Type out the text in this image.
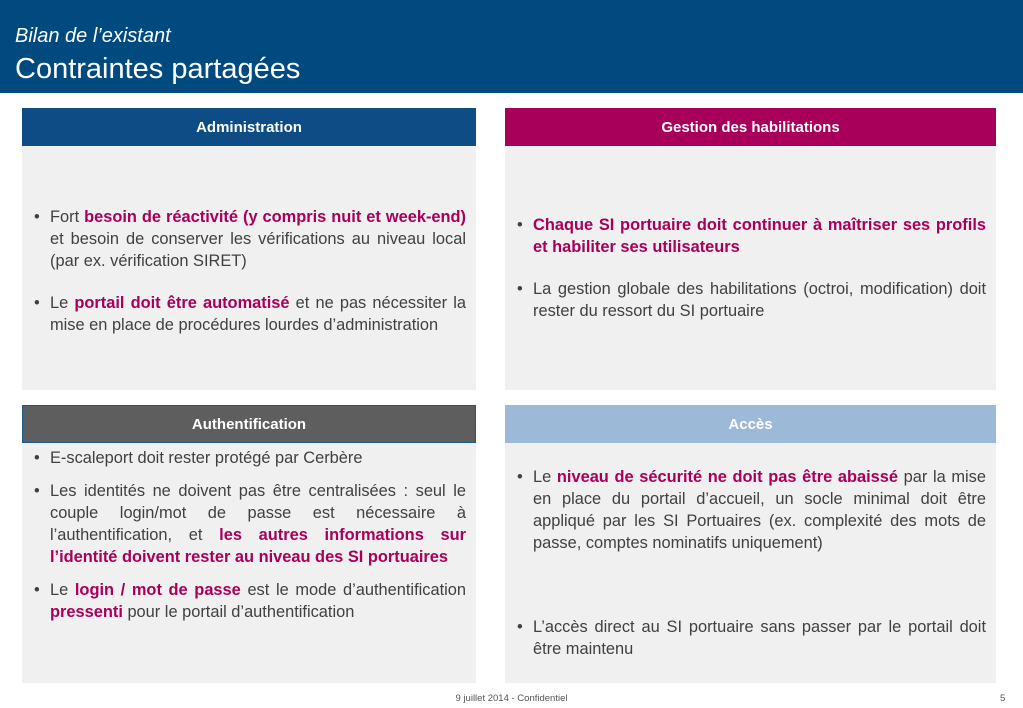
Bilan de l’existant
Contraintes partagées
Administration
• Fort besoin de réactivité (y compris nuit et week-end) et besoin de conserver les vérifications au niveau local (par ex. vérification SIRET)
• Le portail doit être automatisé et ne pas nécessiter la mise en place de procédures lourdes d’administration
Gestion des habilitations
• Chaque SI portuaire doit continuer à maîtriser ses profils et habiliter ses utilisateurs
• La gestion globale des habilitations (octroi, modification) doit rester du ressort du SI portuaire
Authentification
• E-scaleport doit rester protégé par Cerbère
• Les identités ne doivent pas être centralisées : seul le couple login/mot de passe est nécessaire à l’authentification, et les autres informations sur l’identité doivent rester au niveau des SI portuaires
• Le login / mot de passe est le mode d’authentification pressenti pour le portail d’authentification
Accès
• Le niveau de sécurité ne doit pas être abaissé par la mise en place du portail d’accueil, un socle minimal doit être appliqué par les SI Portuaires (ex. complexité des mots de passe, comptes nominatifs uniquement)
• L’accès direct au SI portuaire sans passer par le portail doit être maintenu
9 juillet 2014 - Confidentiel	5
